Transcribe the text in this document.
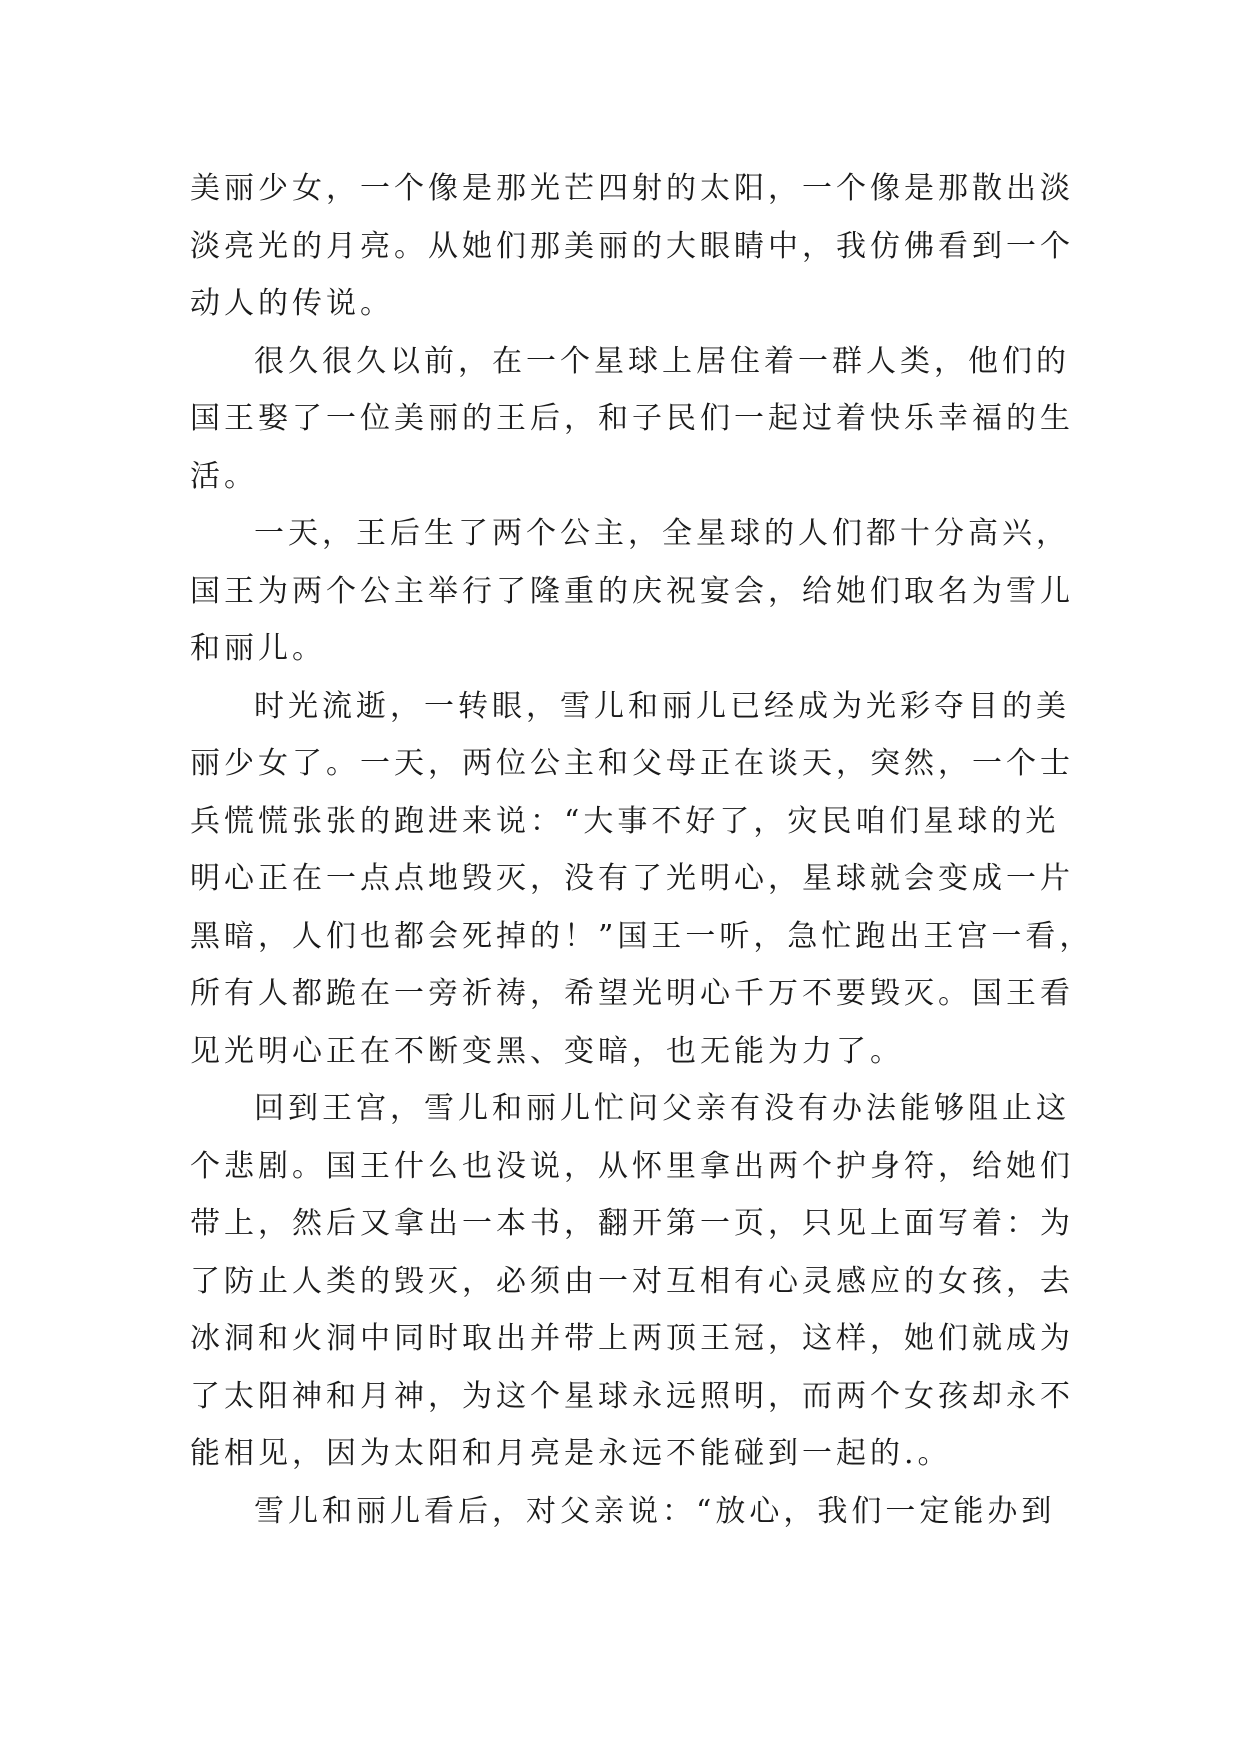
美丽少女，一个像是那光芒四射的太阳，一个像是那散出淡
淡亮光的月亮。从她们那美丽的大眼睛中，我仿佛看到一个
动人的传说。
很久很久以前，在一个星球上居住着一群人类，他们的
国王娶了一位美丽的王后，和子民们一起过着快乐幸福的生
活。
一天，王后生了两个公主，全星球的人们都十分高兴，
国王为两个公主举行了隆重的庆祝宴会，给她们取名为雪儿
和丽儿。
时光流逝，一转眼，雪儿和丽儿已经成为光彩夺目的美
丽少女了。一天，两位公主和父母正在谈天，突然，一个士
兵慌慌张张的跑进来说：“大事不好了，灾民咱们星球的光
明心正在一点点地毁灭，没有了光明心，星球就会变成一片
黑暗，人们也都会死掉的！”国王一听，急忙跑出王宫一看，
所有人都跪在一旁祈祷，希望光明心千万不要毁灭。国王看
见光明心正在不断变黑、变暗，也无能为力了。
回到王宫，雪儿和丽儿忙问父亲有没有办法能够阻止这
个悲剧。国王什么也没说，从怀里拿出两个护身符，给她们
带上，然后又拿出一本书，翻开第一页，只见上面写着：为
了防止人类的毁灭，必须由一对互相有心灵感应的女孩，去
冰洞和火洞中同时取出并带上两顶王冠，这样，她们就成为
了太阳神和月神，为这个星球永远照明，而两个女孩却永不
能相见，因为太阳和月亮是永远不能碰到一起的.。
雪儿和丽儿看后，对父亲说：“放心，我们一定能办到
